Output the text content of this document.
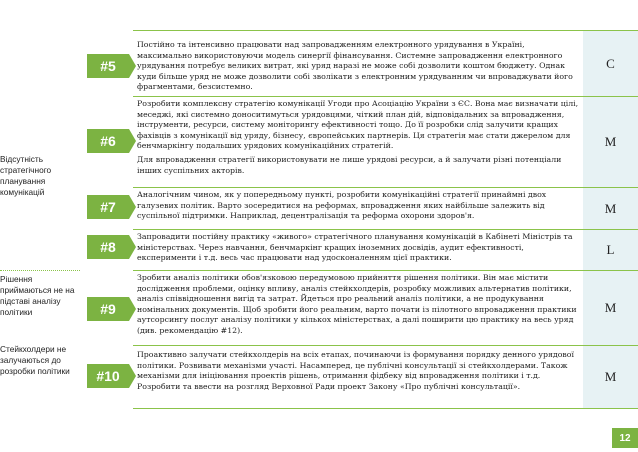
Відсутність стратегічного планування комунікацій
Рішення приймаються не на підставі аналізу політики
Стейкхолдери не залучаються до розробки політики
#5

Постійно та інтенсивно працювати над запровадженням електронного урядування в Україні, максимально використовуючи модель синергії фінансування. Системне запровадження електронного урядування потребує великих витрат, які уряд наразі не може собі дозволити коштом бюджету. Однак куди більше уряд не може дозволити собі зволікати з електронним урядуванням чи впроваджувати його фрагментами, безсистемно.

C
#6

Розробити комплексну стратегію комунікації Угоди про Асоціацію України з ЄС. Вона має визначати цілі, меседжі, які системно доноситимуться урядовцями, чіткий план дій, відповідальних за впровадження, інструменти, ресурси, систему моніторингу ефективності тощо. До її розробки слід залучити кращих фахівців з комунікації від уряду, бізнесу, європейських партнерів. Ця стратегія має стати джерелом для бенчмаркінгу подальших урядових комунікаційних стратегій.

Для впровадження стратегії використовувати не лише урядові ресурси, а й залучати різні потенціали інших суспільних акторів.

M
#7

Аналогічним чином, як у попередньому пункті, розробити комунікаційні стратегії принаймні двох галузевих політик. Варто зосередитися на реформах, впровадження яких найбільше залежить від суспільної підтримки. Наприклад, децентралізація та реформа охорони здоров'я.

M
#8

Запровадити постійну практику «живого» стратегічного планування комунікацій в Кабінеті Міністрів та міністерствах. Через навчання, бенчмаркінг кращих іноземних досвідів, аудит ефективності, експерименти і т.д. весь час працювати над удосконаленням цієї практики.

L
#9

Зробити аналіз політики обов'язковою передумовою прийняття рішення політики. Він має містити дослідження проблеми, оцінку впливу, аналіз стейкхолдерів, розробку можливих альтернатив політики, аналіз співвідношення вигід та затрат. Йдеться про реальний аналіз політики, а не продукування номінальних документів. Щоб зробити його реальним, варто почати із пілотного впровадження практики аутсорсингу послуг аналізу політики у кількох міністерствах, а далі поширити цю практику на весь уряд (див. рекомендацію #12).

M
#10

Проактивно залучати стейкхолдерів на всіх етапах, починаючи із формування порядку денного урядової політики. Розвивати механізми участі. Насамперед, це публічні консультації зі стейкхолдерами. Також механізми для ініціювання проектів рішень, отримання фідбеку від впровадження політики і т.д. Розробити та ввести на розгляд Верховної Ради проект Закону «Про публічні консультації».

M
12
